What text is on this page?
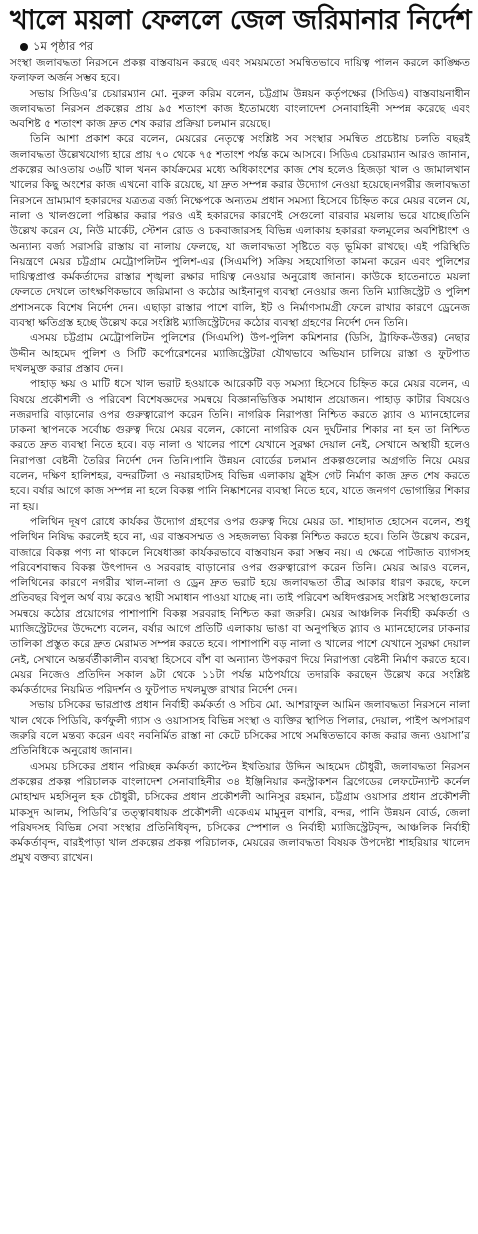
খালে ময়লা ফেললে জেল জরিমানার নির্দেশ
১ম পৃষ্ঠার পর

সংস্থা জলাবদ্ধতা নিরসনে প্রকল্প বাস্তবায়ন করছে এবং সময়মতো সমন্বিতভাবে দায়িত্ব পালন করলে কাঙ্ক্ষিত ফলাফল অর্জন সম্ভব হবে।

সভায় সিডিএ’র চেয়ারম্যান মো. নুরুল করিম বলেন, চট্টগ্রাম উন্নয়ন কর্তৃপক্ষের (সিডিএ) বাস্তবায়নাধীন জলাবদ্ধতা নিরসন প্রকল্পের প্রায় ৯৫ শতাংশ কাজ ইতোমধ্যে বাংলাদেশ সেনাবাহিনী সম্পন্ন করেছে এবং অবশিষ্ট ৫ শতাংশ কাজ দ্রুত শেষ করার প্রক্রিয়া চলমান রয়েছে।

তিনি আশা প্রকাশ করে বলেন, মেয়রের নেতৃত্বে সংশ্লিষ্ট সব সংস্থার সমন্বিত প্রচেষ্টায় চলতি বছরই জলাবদ্ধতা উল্লেখযোগ্য হারে প্রায় ৭০ থেকে ৭৫ শতাংশ পর্যন্ত কমে আসবে। সিডিএ চেয়ারম্যান আরও জানান, প্রকল্পের আওতায় ৩৬টি খাল খনন কার্যক্রমের মধ্যে অধিকাংশের কাজ শেষ হলেও হিজড়া খাল ও জামালখান খালের কিছু অংশের কাজ এখনো বাকি রয়েছে, যা দ্রুত সম্পন্ন করার উদ্যোগ নেওয়া হয়েছে।নগরীর জলাবদ্ধতা নিরসনে ভ্রাম্যমাণ হকারদের যত্রতত্র বর্জ্য নিক্ষেপকে অন্যতম প্রধান সমস্যা হিসেবে চিহ্নিত করে মেয়র বলেন যে, নালা ও খালগুলো পরিষ্কার করার পরও এই হকারদের কারণেই সেগুলো বারবার ময়লায় ভরে যাচ্ছে।তিনি উল্লেখ করেন যে, নিউ মার্কেট, স্টেশন রোড ও চকবাজারসহ বিভিন্ন এলাকায় হকাররা ফলমূলের অবশিষ্টাংশ ও অন্যান্য বর্জ্য সরাসরি রাস্তায় বা নালায় ফেলছে, যা জলাবদ্ধতা সৃষ্টিতে বড় ভূমিকা রাখছে। এই পরিস্থিতি নিয়ন্ত্রণে মেয়র চট্টগ্রাম মেট্রোপলিটন পুলিশ-এর (সিএমপি) সক্রিয় সহযোগিতা কামনা করেন এবং পুলিশের দায়িত্বপ্রাপ্ত কর্মকর্তাদের রাস্তার শৃঙ্খলা রক্ষার দায়িত্ব নেওয়ার অনুরোধ জানান। কাউকে হাতেনাতে ময়লা ফেলতে দেখলে তাৎক্ষণিকভাবে জরিমানা ও কঠোর আইনানুগ ব্যবস্থা নেওয়ার জন্য তিনি ম্যাজিস্ট্রেট ও পুলিশ প্রশাসনকে বিশেষ নির্দেশ দেন। এছাড়া রাস্তার পাশে বালি, ইট ও নির্মাণসামগ্রী ফেলে রাখার কারণে ড্রেনেজ ব্যবস্থা ক্ষতিগ্রস্ত হচ্ছে উল্লেখ করে সংশ্লিষ্ট ম্যাজিস্ট্রেটদের কঠোর ব্যবস্থা গ্রহণের নির্দেশ দেন তিনি।

এসময় চট্টগ্রাম মেট্রোপলিটন পুলিশের (সিএমপি) উপ-পুলিশ কমিশনার (ডিসি, ট্রাফিক-উত্তর) নেছার উদ্দীন আহমেদ পুলিশ ও সিটি কর্পোরেশনের ম্যাজিস্ট্রেটরা যৌথভাবে অভিযান চালিয়ে রাস্তা ও ফুটপাত দখলমুক্ত করার প্রস্তাব দেন।

পাহাড় ক্ষয় ও মাটি ধসে খাল ভরাট হওয়াকে আরেকটি বড় সমস্যা হিসেবে চিহ্নিত করে মেয়র বলেন, এ বিষয়ে প্রকৌশলী ও পরিবেশ বিশেষজ্ঞদের সমন্বয়ে বিজ্ঞানভিত্তিক সমাধান প্রয়োজন। পাহাড় কাটার বিষয়েও নজরদারি বাড়ানোর ওপর গুরুত্বারোপ করেন তিনি। নাগরিক নিরাপত্তা নিশ্চিত করতে স্ল্যাব ও ম্যানহোলের ঢাকনা স্থাপনকে সর্বোচ্চ গুরুত্ব দিয়ে মেয়র বলেন, কোনো নাগরিক যেন দুর্ঘটনার শিকার না হন তা নিশ্চিত করতে দ্রুত ব্যবস্থা নিতে হবে। বড় নালা ও খালের পাশে যেখানে সুরক্ষা দেয়াল নেই, সেখানে অস্থায়ী হলেও নিরাপত্তা বেষ্টনী তৈরির নির্দেশ দেন তিনি।পানি উন্নয়ন বোর্ডের চলমান প্রকল্পগুলোর অগ্রগতি নিয়ে মেয়র বলেন, দক্ষিণ হালিশহর, বন্দরটিলা ও নয়ারহাটসহ বিভিন্ন এলাকায় স্লুইস গেট নির্মাণ কাজ দ্রুত শেষ করতে হবে। বর্ষার আগে কাজ সম্পন্ন না হলে বিকল্প পানি নিষ্কাশনের ব্যবস্থা নিতে হবে, যাতে জনগণ ভোগান্তির শিকার না হয়।

পলিথিন দূষণ রোধে কার্যকর উদ্যোগ গ্রহণের ওপর গুরুত্ব দিয়ে মেয়র ডা. শাহাদাত হোসেন বলেন, শুধু পলিথিন নিষিদ্ধ করলেই হবে না, এর বাস্তবসম্মত ও সহজলভ্য বিকল্প নিশ্চিত করতে হবে। তিনি উল্লেখ করেন, বাজারে বিকল্প পণ্য না থাকলে নিষেধাজ্ঞা কার্যকরভাবে বাস্তবায়ন করা সম্ভব নয়। এ ক্ষেত্রে পাটজাত ব্যাগসহ পরিবেশবান্ধব বিকল্প উৎপাদন ও সরবরাহ বাড়ানোর ওপর গুরুত্বারোপ করেন তিনি। মেয়র আরও বলেন, পলিথিনের কারণে নগরীর খাল-নালা ও ড্রেন দ্রুত ভরাট হয়ে জলাবদ্ধতা তীব্র আকার ধারণ করছে, ফলে প্রতিবছর বিপুল অর্থ ব্যয় করেও স্থায়ী সমাধান পাওয়া যাচ্ছে না। তাই পরিবেশ অধিদপ্তরসহ সংশ্লিষ্ট সংস্থাগুলোর সমন্বয়ে কঠোর প্রয়োগের পাশাপাশি বিকল্প সরবরাহ নিশ্চিত করা জরুরি। মেয়র আঞ্চলিক নির্বাহী কর্মকর্তা ও ম্যাজিস্ট্রেটদের উদ্দেশ্যে বলেন, বর্ষার আগে প্রতিটি এলাকায় ভাঙা বা অনুপস্থিত স্ল্যাব ও ম্যানহোলের ঢাকনার তালিকা প্রস্তুত করে দ্রুত মেরামত সম্পন্ন করতে হবে। পাশাপাশি বড় নালা ও খালের পাশে যেখানে সুরক্ষা দেয়াল নেই, সেখানে অন্তর্বর্তীকালীন ব্যবস্থা হিসেবে বাঁশ বা অন্যান্য উপকরণ দিয়ে নিরাপত্তা বেষ্টনী নির্মাণ করতে হবে। মেয়র নিজেও প্রতিদিন সকাল ৯টা থেকে ১১টা পর্যন্ত মাঠপর্যায়ে তদারকি করছেন উল্লেখ করে সংশ্লিষ্ট কর্মকর্তাদের নিয়মিত পরিদর্শন ও ফুটপাত দখলমুক্ত রাখার নির্দেশ দেন।

সভায় চসিকের ভারপ্রাপ্ত প্রধান নির্বাহী কর্মকর্তা ও সচিব মো. আশরাফুল আমিন জলাবদ্ধতা নিরসনে নালা খাল থেকে পিডিবি, কর্ণফুলী গ্যাস ও ওয়াসাসহ বিভিন্ন সংস্থা ও ব্যক্তির স্থাপিত পিলার, দেয়াল, পাইপ অপসারণ জরুরি বলে মন্তব্য করেন এবং নবনির্মিত রাস্তা না কেটে চসিকের সাথে সমন্বিতভাবে কাজ করার জন্য ওয়াসা’র প্রতিনিধিকে অনুরোধ জানান।

এসময় চসিকের প্রধান পরিচ্ছন্ন কর্মকর্তা ক্যাপ্টেন ইখতিয়ার উদ্দিন আহমেদ চৌধুরী, জলাবদ্ধতা নিরসন প্রকল্পের প্রকল্প পরিচালক বাংলাদেশ সেনাবাহিনীর ৩৪ ইঞ্জিনিয়ার কনস্ট্রাকশন ব্রিগেডের লেফটেন্যান্ট কর্নেল মোহাম্মদ মহসিনুল হক চৌধুরী, চসিকের প্রধান প্রকৌশলী আনিসুর রহমান, চট্টগ্রাম ওয়াসার প্রধান প্রকৌশলী মাকসুদ আলম, পিডিবি’র তত্ত্বাবধায়ক প্রকৌশলী একেএম মামুনুল বাশরি, বন্দর, পানি উন্নয়ন বোর্ড, জেলা পরিষদসহ বিভিন্ন সেবা সংস্থার প্রতিনিধিবৃন্দ, চসিকের স্পেশাল ও নির্বাহী ম্যাজিস্ট্রেটবৃন্দ, আঞ্চলিক নির্বাহী কর্মকর্তাবৃন্দ, বারইপাড়া খাল প্রকল্পের প্রকল্প পরিচালক, মেয়রের জলাবদ্ধতা বিষয়ক উপদেষ্টা শাহরিয়ার খালেদ প্রমুখ বক্তব্য রাখেন।
